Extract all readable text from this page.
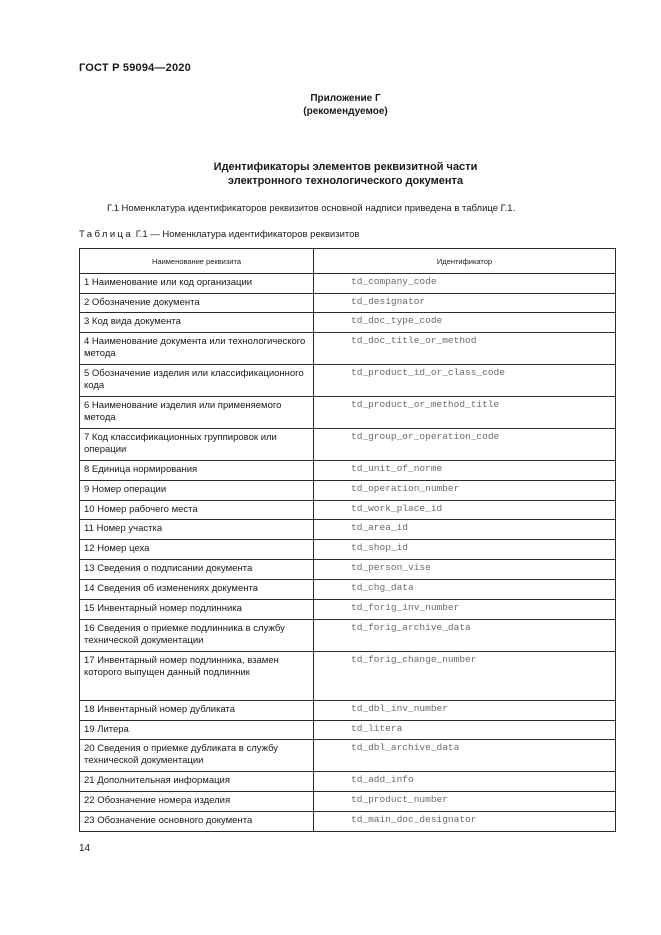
ГОСТ Р 59094—2020
Приложение Г
(рекомендуемое)
Идентификаторы элементов реквизитной части
электронного технологического документа
Г.1 Номенклатура идентификаторов реквизитов основной надписи приведена в таблице Г.1.
Таблица Г.1 — Номенклатура идентификаторов реквизитов
Наименование реквизита	Идентификатор
1 Наименование или код организации	td_company_code
2 Обозначение документа	td_designator
3 Код вида документа	td_doc_type_code
4 Наименование документа или технологического метода	td_doc_title_or_method
5 Обозначение изделия или классификационного кода	td_product_id_or_class_code
6 Наименование изделия или применяемого метода	td_product_or_method_title
7 Код классификационных группировок или операции	td_group_or_operation_code
8 Единица нормирования	td_unit_of_norme
9 Номер операции	td_operation_number
10 Номер рабочего места	td_work_place_id
11 Номер участка	td_area_id
12 Номер цеха	td_shop_id
13 Сведения о подписании документа	td_person_vise
14 Сведения об изменениях документа	td_chg_data
15 Инвентарный номер подлинника	td_forig_inv_number
16 Сведения о приемке подлинника в службу технической документации	td_forig_archive_data
17 Инвентарный номер подлинника, взамен которого выпущен данный подлинник	td_forig_change_number
18 Инвентарный номер дубликата	td_dbl_inv_number
19 Литера	td_litera
20 Сведения о приемке дубликата в службу технической документации	td_dbl_archive_data
21 Дополнительная информация	td_add_info
22 Обозначение номера изделия	td_product_number
23 Обозначение основного документа	td_main_doc_designator
14
